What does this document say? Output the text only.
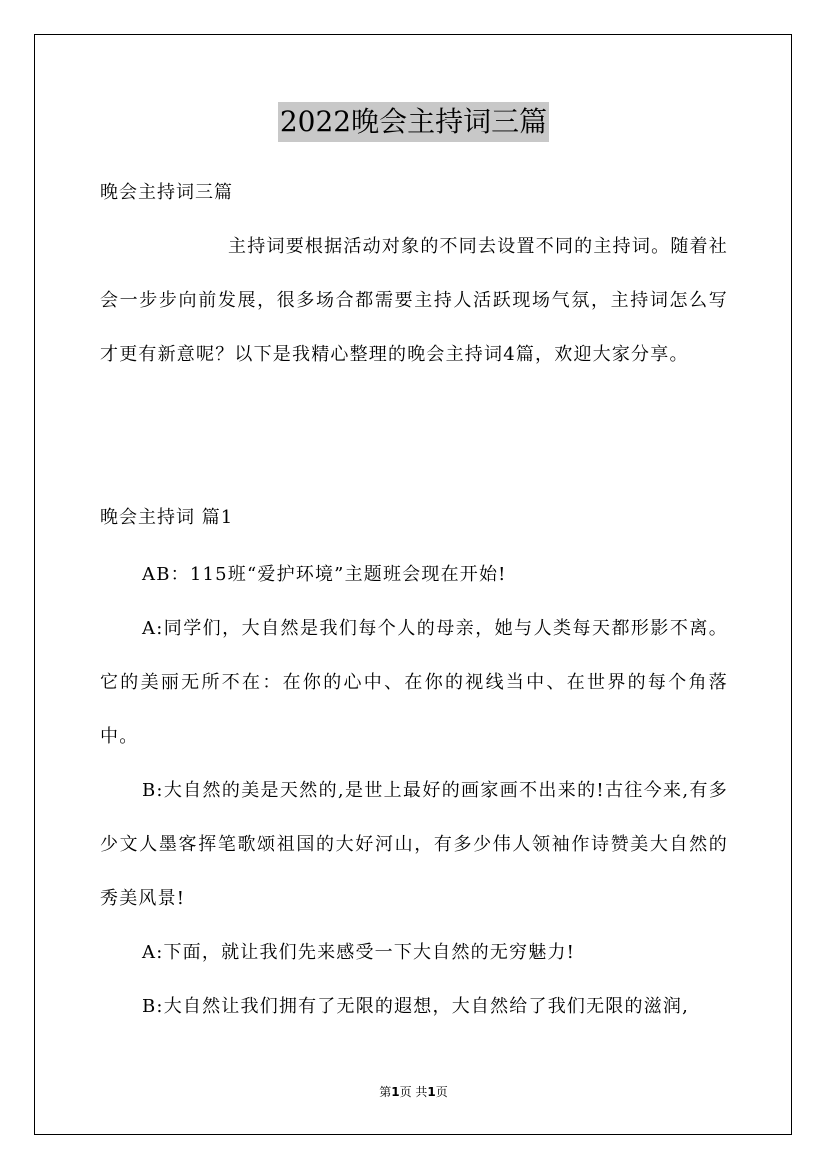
2022晚会主持词三篇
晚会主持词三篇
主持词要根据活动对象的不同去设置不同的主持词。随着社会一步步向前发展，很多场合都需要主持人活跃现场气氛，主持词怎么写才更有新意呢？以下是我精心整理的晚会主持词4篇，欢迎大家分享。
晚会主持词 篇1

AB：115班“爱护环境”主题班会现在开始!

A:同学们，大自然是我们每个人的母亲，她与人类每天都形影不离。它的美丽无所不在：在你的心中、在你的视线当中、在世界的每个角落中。

B:大自然的美是天然的,是世上最好的画家画不出来的!古往今来,有多少文人墨客挥笔歌颂祖国的大好河山，有多少伟人领袖作诗赞美大自然的秀美风景!

A:下面，就让我们先来感受一下大自然的无穷魅力!

B:大自然让我们拥有了无限的遐想，大自然给了我们无限的滋润,

第1页 共1页
